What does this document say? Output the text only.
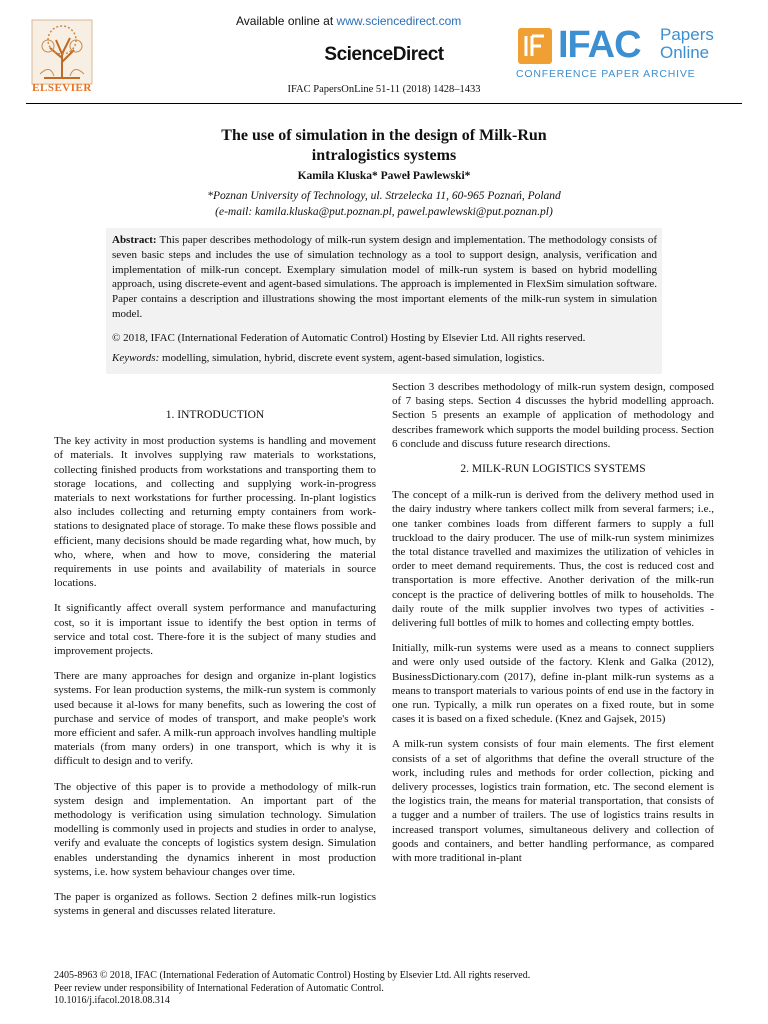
ELSEVIER
Available online at www.sciencedirect.com
ScienceDirect
IFAC PapersOnLine 51-11 (2018) 1428–1433
IFAC Papers
Online
CONFERENCE PAPER ARCHIVE
The use of simulation in the design of Milk-Run
intralogistics systems
Kamila Kluska* Paweł Pawlewski*
*Poznan University of Technology, ul. Strzelecka 11, 60-965 Poznań, Poland
(e-mail: kamila.kluska@put.poznan.pl, pawel.pawlewski@put.poznan.pl)
Abstract: This paper describes methodology of milk-run system design and implementation. The methodology consists of seven basic steps and includes the use of simulation technology as a tool to support design, analysis, verification and implementation of milk-run concept. Exemplary simulation model of milk-run system is based on hybrid modelling approach, using discrete-event and agent-based simulations. The approach is implemented in FlexSim simulation software. Paper contains a description and illustrations showing the most important elements of the milk-run system in simulation model.
© 2018, IFAC (International Federation of Automatic Control) Hosting by Elsevier Ltd. All rights reserved.
Keywords: modelling, simulation, hybrid, discrete event system, agent-based simulation, logistics.

1. INTRODUCTION

The key activity in most production systems is handling and movement of materials. It involves supplying raw materials to workstations, collecting finished products from workstations and transporting them to storage locations, and collecting and supplying work-in-progress materials to next workstations for further processing. In-plant logistics also includes collecting and returning empty containers from work-stations to designated place of storage. To make these flows possible and efficient, many decisions should be made regarding what, how much, by who, where, when and how to move, considering the material requirements in use points and availability of materials in source locations.

It significantly affect overall system performance and manufacturing cost, so it is important issue to identify the best option in terms of service and total cost. There-fore it is the subject of many studies and improvement projects.

There are many approaches for design and organize in-plant logistics systems. For lean production systems, the milk-run system is commonly used because it al-lows for many benefits, such as lowering the cost of purchase and service of modes of transport, and make people's work more efficient and safer. A milk-run approach involves handling multiple materials (from many orders) in one transport, which is why it is difficult to design and to verify.

The objective of this paper is to provide a methodology of milk-run system design and implementation. An important part of the methodology is verification using simulation technology. Simulation modelling is commonly used in projects and studies in order to analyse, verify and evaluate the concepts of logistics system design. Simulation enables understanding the dynamics inherent in most production systems, i.e. how system behaviour changes over time.

The paper is organized as follows. Section 2 defines milk-run logistics systems in general and discusses related literature.

Section 3 describes methodology of milk-run system design, composed of 7 basing steps. Section 4 discusses the hybrid modelling approach. Section 5 presents an example of application of methodology and describes framework which supports the model building process. Section 6 conclude and discuss future research directions.

2. MILK-RUN LOGISTICS SYSTEMS

The concept of a milk-run is derived from the delivery method used in the dairy industry where tankers collect milk from several farmers; i.e., one tanker combines loads from different farmers to supply a full truckload to the dairy producer. The use of milk-run system minimizes the total distance travelled and maximizes the utilization of vehicles in order to meet demand requirements. Thus, the cost is reduced cost and transportation is more effective. Another derivation of the milk-run concept is the practice of delivering bottles of milk to households. The daily route of the milk supplier involves two types of activities - delivering full bottles of milk to homes and collecting empty bottles.

Initially, milk-run systems were used as a means to connect suppliers and were only used outside of the factory. Klenk and Galka (2012), BusinessDictionary.com (2017), define in-plant milk-run systems as a means to transport materials to various points of end use in the factory in one run. Typically, a milk run operates on a fixed route, but in some cases it is based on a fixed schedule. (Knez and Gajsek, 2015)

A milk-run system consists of four main elements. The first element consists of a set of algorithms that define the overall structure of the work, including rules and methods for order collection, picking and delivery processes, logistics train formation, etc. The second element is the logistics train, the means for material transportation, that consists of a tugger and a number of trailers. The use of logistics trains results in increased transport volumes, simultaneous delivery and collection of goods and containers, and better handling performance, as compared with more traditional in-plant

2405-8963 © 2018, IFAC (International Federation of Automatic Control) Hosting by Elsevier Ltd. All rights reserved.
Peer review under responsibility of International Federation of Automatic Control.
10.1016/j.ifacol.2018.08.314
